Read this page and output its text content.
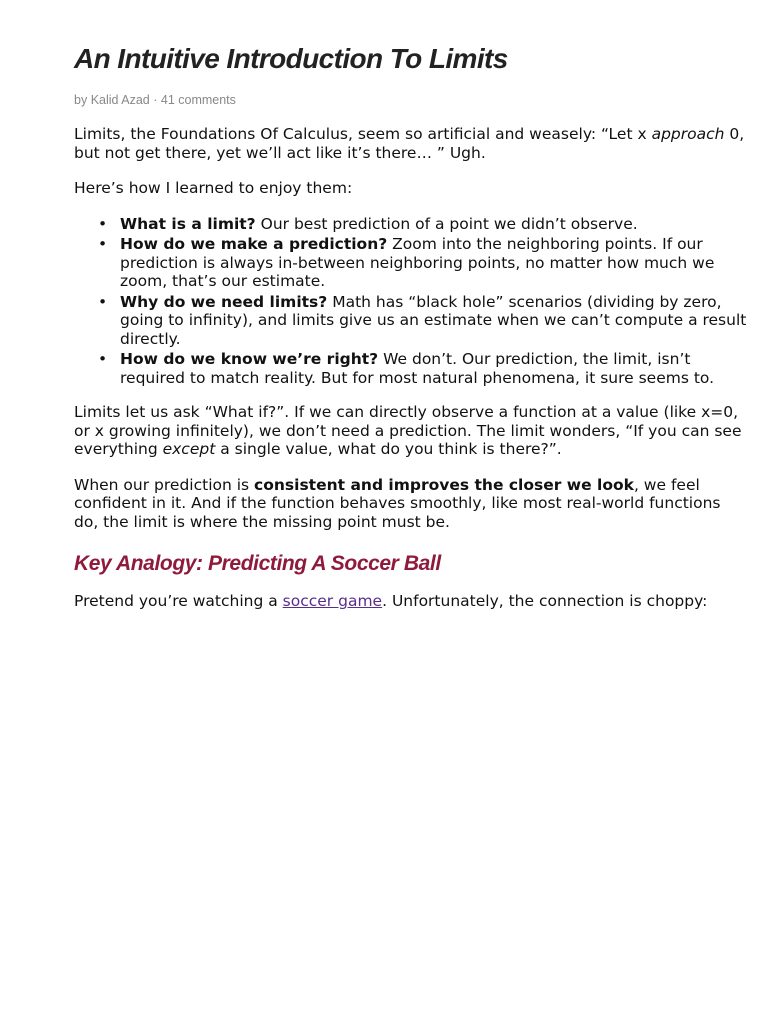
An Intuitive Introduction To Limits
by Kalid Azad · 41 comments

Limits, the Foundations Of Calculus, seem so artificial and weasely: “Let x approach 0, but not get there, yet we’ll act like it’s there… ” Ugh.

Here’s how I learned to enjoy them:

• What is a limit? Our best prediction of a point we didn’t observe.
• How do we make a prediction? Zoom into the neighboring points. If our prediction is always in-between neighboring points, no matter how much we zoom, that’s our estimate.
• Why do we need limits? Math has “black hole” scenarios (dividing by zero, going to infinity), and limits give us an estimate when we can’t compute a result directly.
• How do we know we’re right? We don’t. Our prediction, the limit, isn’t required to match reality. But for most natural phenomena, it sure seems to.

Limits let us ask “What if?”. If we can directly observe a function at a value (like x=0, or x growing infinitely), we don’t need a prediction. The limit wonders, “If you can see everything except a single value, what do you think is there?”.

When our prediction is consistent and improves the closer we look, we feel confident in it. And if the function behaves smoothly, like most real-world functions do, the limit is where the missing point must be.

Key Analogy: Predicting A Soccer Ball

Pretend you’re watching a soccer game. Unfortunately, the connection is choppy:
